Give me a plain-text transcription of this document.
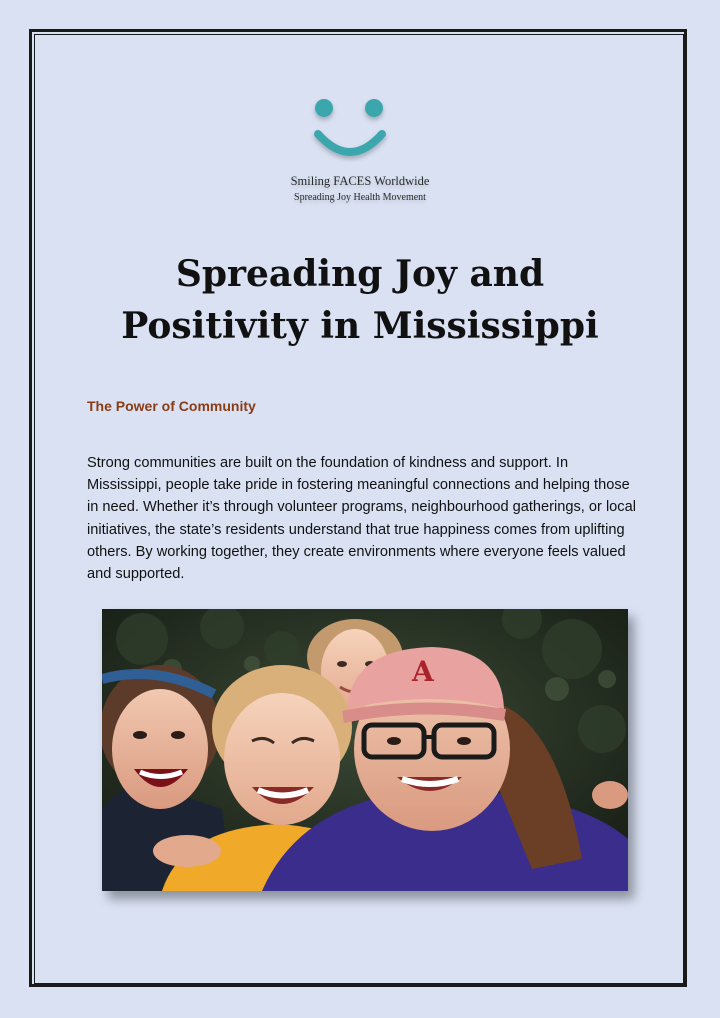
Smiling FACES Worldwide
Spreading Joy Health Movement
Spreading Joy and
Positivity in Mississippi
The Power of Community

Strong communities are built on the foundation of kindness and support. In Mississippi, people take pride in fostering meaningful connections and helping those in need. Whether it’s through volunteer programs, neighbourhood gatherings, or local initiatives, the state’s residents understand that true happiness comes from uplifting others. By working together, they create environments where everyone feels valued and supported.

A
